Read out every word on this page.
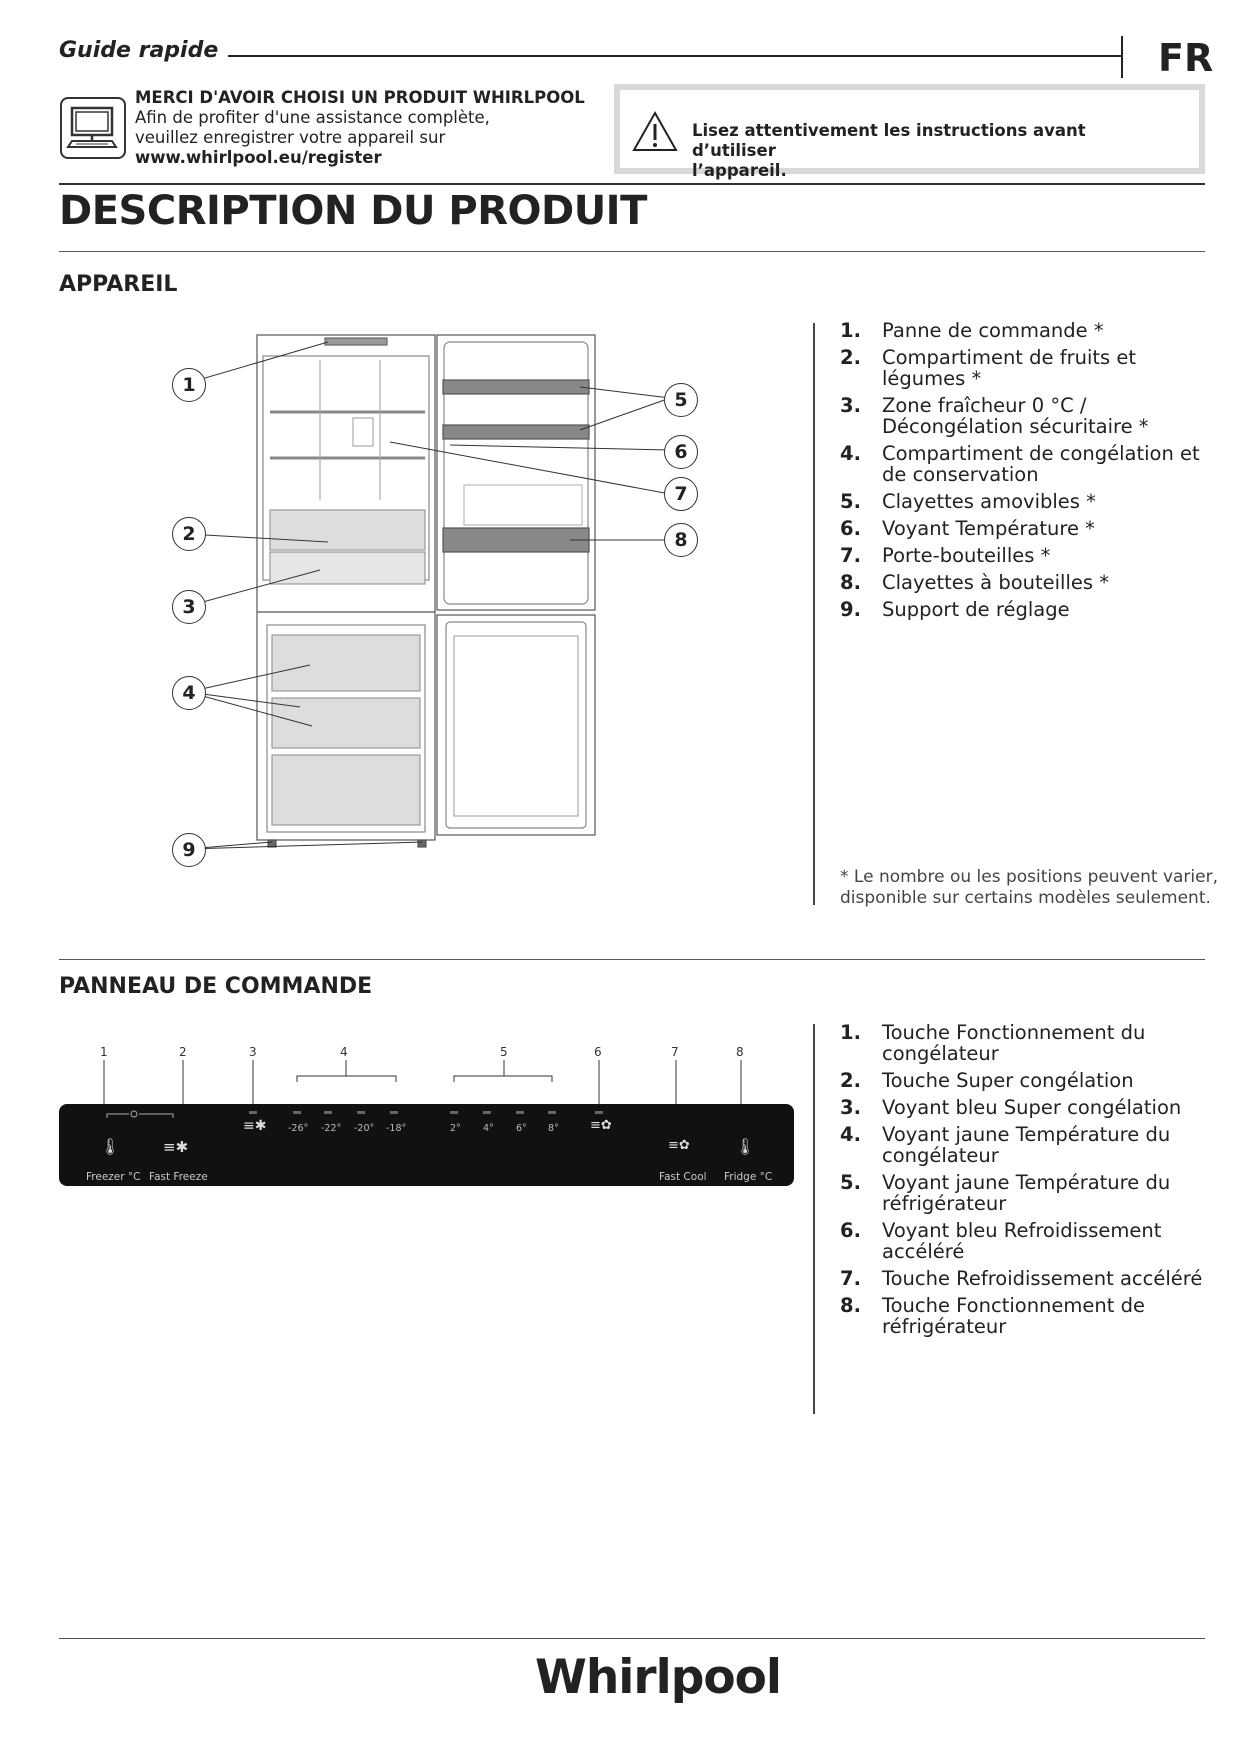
Guide rapide	FR
MERCI D'AVOIR CHOISI UN PRODUIT WHIRLPOOL
Afin de profiter d'une assistance complète,
veuillez enregistrer votre appareil sur
www.whirlpool.eu/register
Lisez attentivement les instructions avant d’utiliser
l’appareil.
DESCRIPTION DU PRODUIT
APPAREIL
1
2
3
4
5
6
7
8
9
1.	Panne de commande *
2.	Compartiment de fruits et légumes *
3.	Zone fraîcheur 0 °C / Décongélation sécuritaire *
4.	Compartiment de congélation et de conservation
5.	Clayettes amovibles *
6.	Voyant Température *
7.	Porte-bouteilles *
8.	Clayettes à bouteilles *
9.	Support de réglage
* Le nombre ou les positions peuvent varier,
disponible sur certains modèles seulement.
PANNEAU DE COMMANDE
1	2	3	4	5	6	7	8
≡✱	≡✿
🌡	≡✱	≡✿	🌡
-26° -22° -20° -18°	2° 4° 6° 8°
Freezer °C Fast Freeze	Fast Cool Fridge °C
1.	Touche Fonctionnement du congélateur
2.	Touche Super congélation
3.	Voyant bleu Super congélation
4.	Voyant jaune Température du congélateur
5.	Voyant jaune Température du réfrigérateur
6.	Voyant bleu Refroidissement accéléré
7.	Touche Refroidissement accéléré
8.	Touche Fonctionnement de réfrigérateur
Whirlpool
